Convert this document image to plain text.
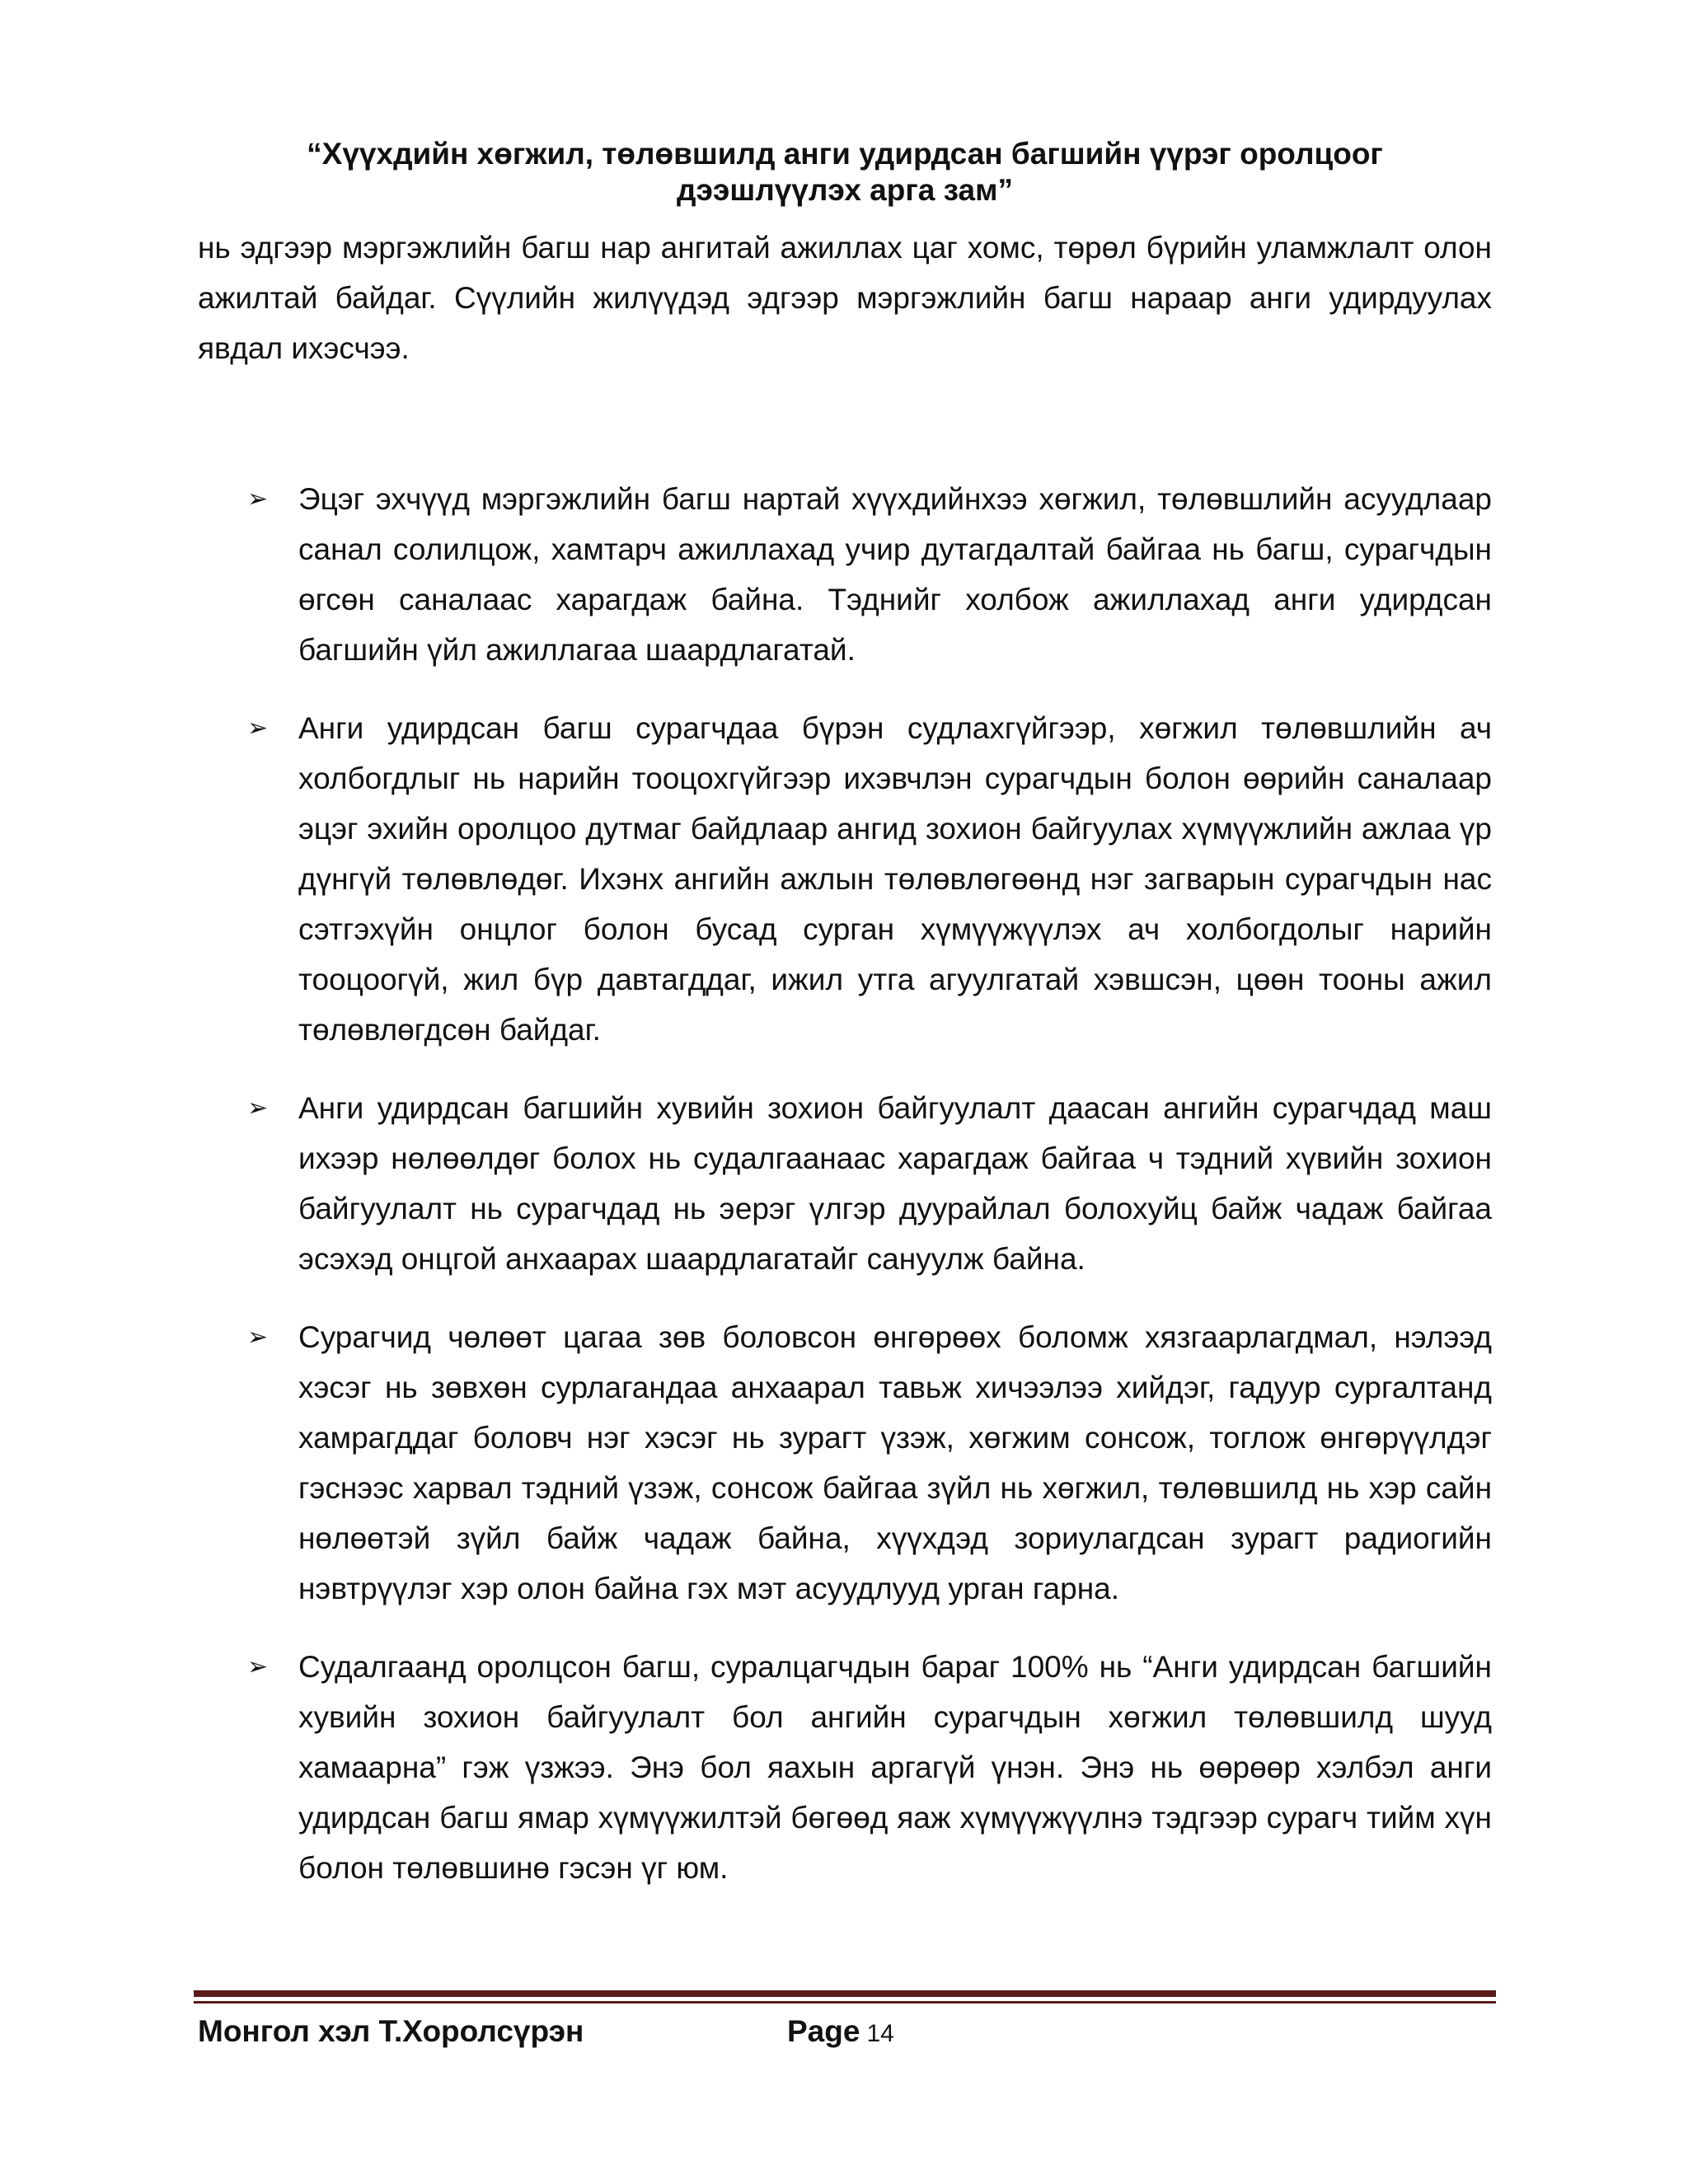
“Хүүхдийн хөгжил, төлөвшилд анги удирдсан багшийн үүрэг оролцоог
дээшлүүлэх арга зам”

нь эдгээр мэргэжлийн багш нар ангитай ажиллах цаг хомс, төрөл бүрийн уламжлалт олон ажилтай байдаг. Сүүлийн жилүүдэд эдгээр мэргэжлийн багш нараар анги удирдуулах явдал ихэсчээ.

➢ Эцэг эхчүүд мэргэжлийн багш нартай хүүхдийнхээ хөгжил, төлөвшлийн асуудлаар санал солилцож, хамтарч ажиллахад учир дутагдалтай байгаа нь багш, сурагчдын өгсөн саналаас харагдаж байна. Тэднийг холбож ажиллахад анги удирдсан багшийн үйл ажиллагаа шаардлагатай.
➢ Анги удирдсан багш сурагчдаа бүрэн судлахгүйгээр, хөгжил төлөвшлийн ач холбогдлыг нь нарийн тооцохгүйгээр ихэвчлэн сурагчдын болон өөрийн саналаар эцэг эхийн оролцоо дутмаг байдлаар ангид зохион байгуулах хүмүүжлийн ажлаа үр дүнгүй төлөвлөдөг. Ихэнх ангийн ажлын төлөвлөгөөнд нэг загварын сурагчдын нас сэтгэхүйн онцлог болон бусад сурган хүмүүжүүлэх ач холбогдолыг нарийн тооцоогүй, жил бүр давтагддаг, ижил утга агуулгатай хэвшсэн, цөөн тооны ажил төлөвлөгдсөн байдаг.
➢ Анги удирдсан багшийн хувийн зохион байгуулалт даасан ангийн сурагчдад маш ихээр нөлөөлдөг болох нь судалгаанаас харагдаж байгаа ч тэдний хүвийн зохион байгуулалт нь сурагчдад нь эерэг үлгэр дуурайлал болохуйц байж чадаж байгаа эсэхэд онцгой анхаарах шаардлагатайг сануулж байна.
➢ Сурагчид чөлөөт цагаа зөв боловсон өнгөрөөх боломж хязгаарлагдмал, нэлээд хэсэг нь зөвхөн сурлагандаа анхаарал тавьж хичээлээ хийдэг, гадуур сургалтанд хамрагддаг боловч нэг хэсэг нь зурагт үзэж, хөгжим сонсож, тоглож өнгөрүүлдэг гэснээс харвал тэдний үзэж, сонсож байгаа зүйл нь хөгжил, төлөвшилд нь хэр сайн нөлөөтэй зүйл байж чадаж байна, хүүхдэд зориулагдсан зурагт радиогийн нэвтрүүлэг хэр олон байна гэх мэт асуудлууд урган гарна.
➢ Судалгаанд оролцсон багш, суралцагчдын бараг 100% нь “Анги удирдсан багшийн хувийн зохион байгуулалт бол ангийн сурагчдын хөгжил төлөвшилд шууд хамаарна” гэж үзжээ. Энэ бол яахын аргагүй үнэн. Энэ нь өөрөөр хэлбэл анги удирдсан багш ямар хүмүүжилтэй бөгөөд яаж хүмүүжүүлнэ тэдгээр сурагч тийм хүн болон төлөвшинө гэсэн үг юм.
Монгол хэл Т.Хоролсүрэн	Page 14
